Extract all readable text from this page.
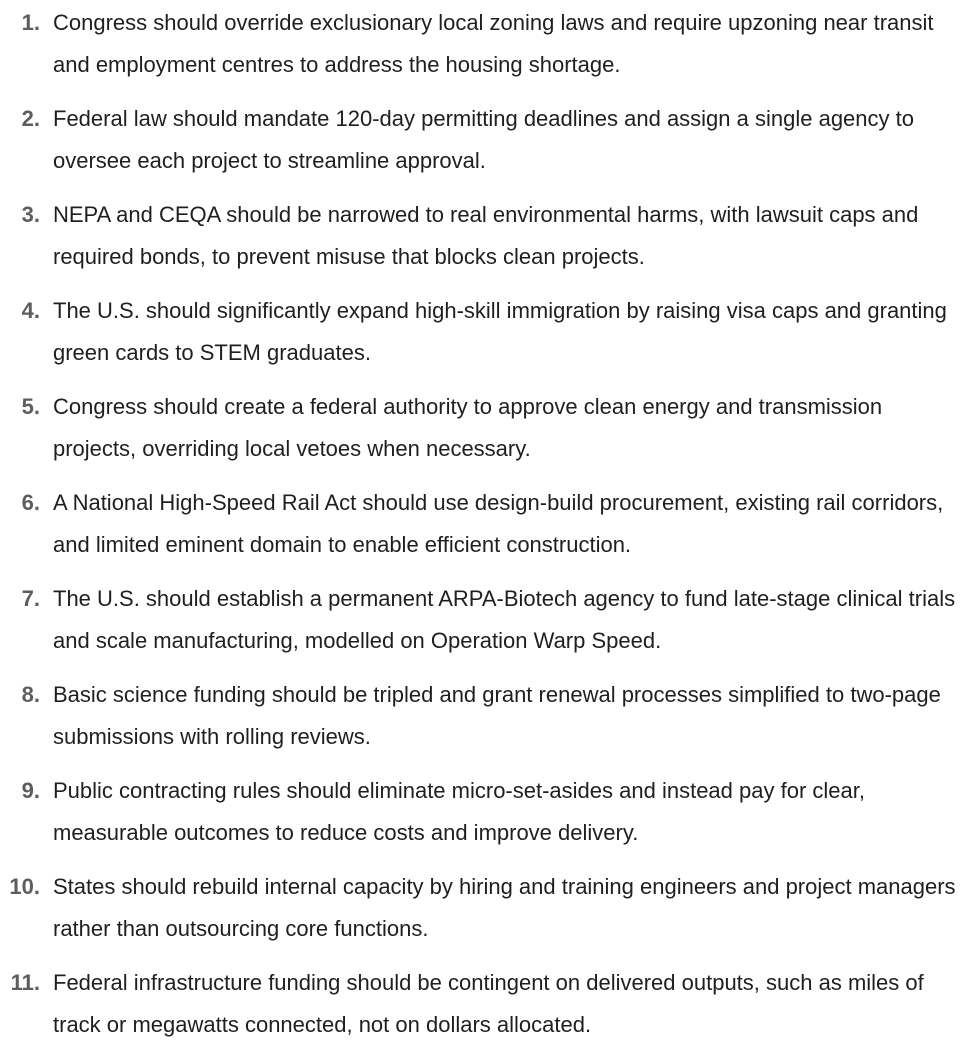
1. Congress should override exclusionary local zoning laws and require upzoning near transit and employment centres to address the housing shortage.
2. Federal law should mandate 120-day permitting deadlines and assign a single agency to oversee each project to streamline approval.
3. NEPA and CEQA should be narrowed to real environmental harms, with lawsuit caps and required bonds, to prevent misuse that blocks clean projects.
4. The U.S. should significantly expand high-skill immigration by raising visa caps and granting green cards to STEM graduates.
5. Congress should create a federal authority to approve clean energy and transmission projects, overriding local vetoes when necessary.
6. A National High-Speed Rail Act should use design-build procurement, existing rail corridors, and limited eminent domain to enable efficient construction.
7. The U.S. should establish a permanent ARPA-Biotech agency to fund late-stage clinical trials and scale manufacturing, modelled on Operation Warp Speed.
8. Basic science funding should be tripled and grant renewal processes simplified to two-page submissions with rolling reviews.
9. Public contracting rules should eliminate micro-set-asides and instead pay for clear, measurable outcomes to reduce costs and improve delivery.
10. States should rebuild internal capacity by hiring and training engineers and project managers rather than outsourcing core functions.
11. Federal infrastructure funding should be contingent on delivered outputs, such as miles of track or megawatts connected, not on dollars allocated.
